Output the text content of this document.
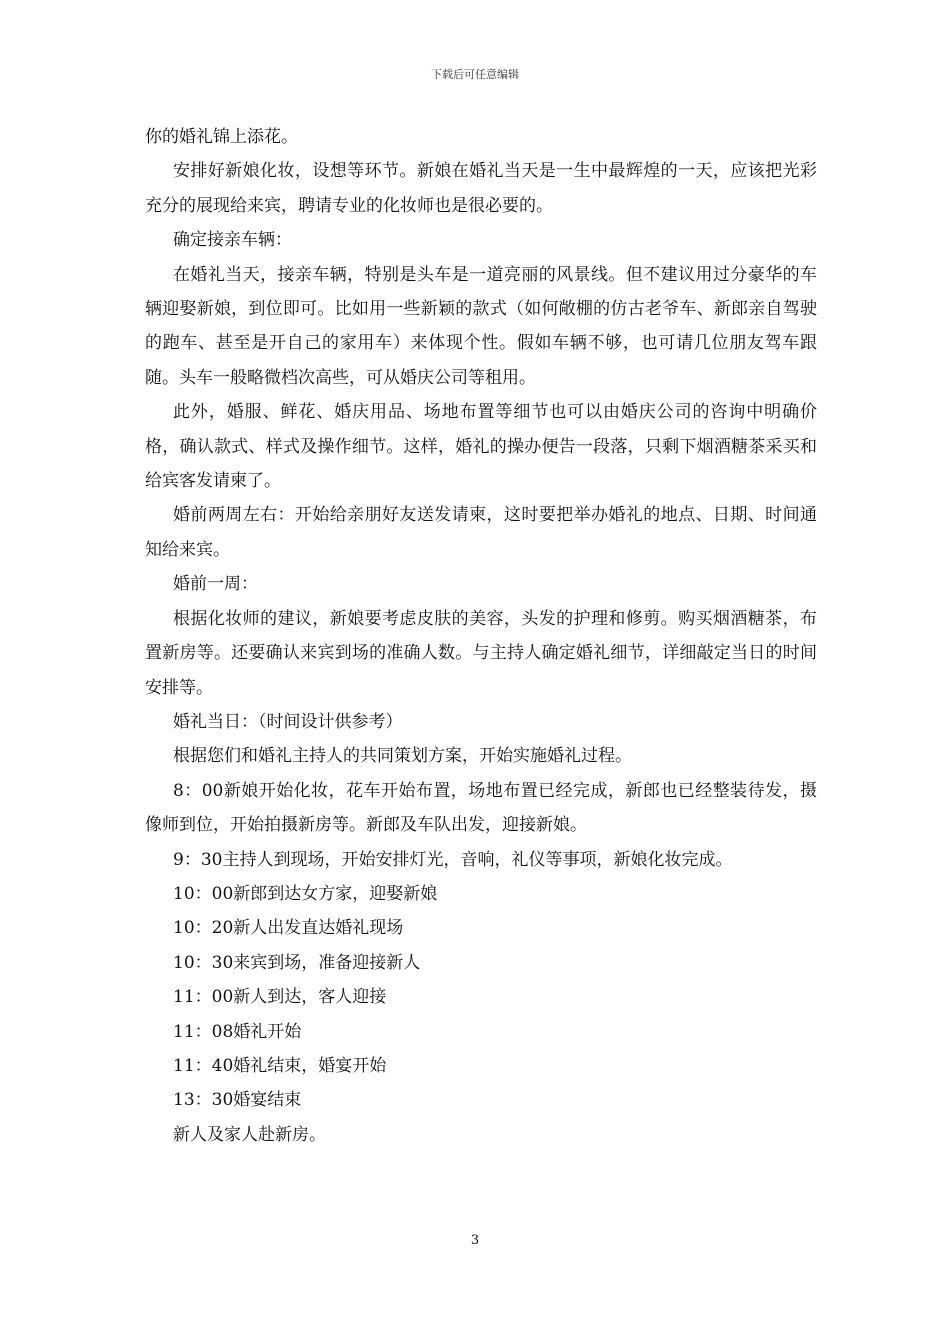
下载后可任意编辑

你的婚礼锦上添花。

安排好新娘化妆，设想等环节。新娘在婚礼当天是一生中最辉煌的一天，应该把光彩充分的展现给来宾，聘请专业的化妆师也是很必要的。

确定接亲车辆：

在婚礼当天，接亲车辆，特别是头车是一道亮丽的风景线。但不建议用过分豪华的车辆迎娶新娘，到位即可。比如用一些新颖的款式（如何敞棚的仿古老爷车、新郎亲自驾驶的跑车、甚至是开自己的家用车）来体现个性。假如车辆不够，也可请几位朋友驾车跟随。头车一般略微档次高些，可从婚庆公司等租用。

此外，婚服、鲜花、婚庆用品、场地布置等细节也可以由婚庆公司的咨询中明确价格，确认款式、样式及操作细节。这样，婚礼的操办便告一段落，只剩下烟酒糖茶采买和给宾客发请柬了。

婚前两周左右：开始给亲朋好友送发请柬，这时要把举办婚礼的地点、日期、时间通知给来宾。

婚前一周：

根据化妆师的建议，新娘要考虑皮肤的美容，头发的护理和修剪。购买烟酒糖茶，布置新房等。还要确认来宾到场的准确人数。与主持人确定婚礼细节，详细敲定当日的时间安排等。

婚礼当日：（时间设计供参考）

根据您们和婚礼主持人的共同策划方案，开始实施婚礼过程。

8：00新娘开始化妆，花车开始布置，场地布置已经完成，新郎也已经整装待发，摄像师到位，开始拍摄新房等。新郎及车队出发，迎接新娘。

9：30主持人到现场，开始安排灯光，音响，礼仪等事项，新娘化妆完成。

10：00新郎到达女方家，迎娶新娘

10：20新人出发直达婚礼现场

10：30来宾到场，准备迎接新人

11：00新人到达，客人迎接

11：08婚礼开始

11：40婚礼结束，婚宴开始

13：30婚宴结束

新人及家人赴新房。

3
